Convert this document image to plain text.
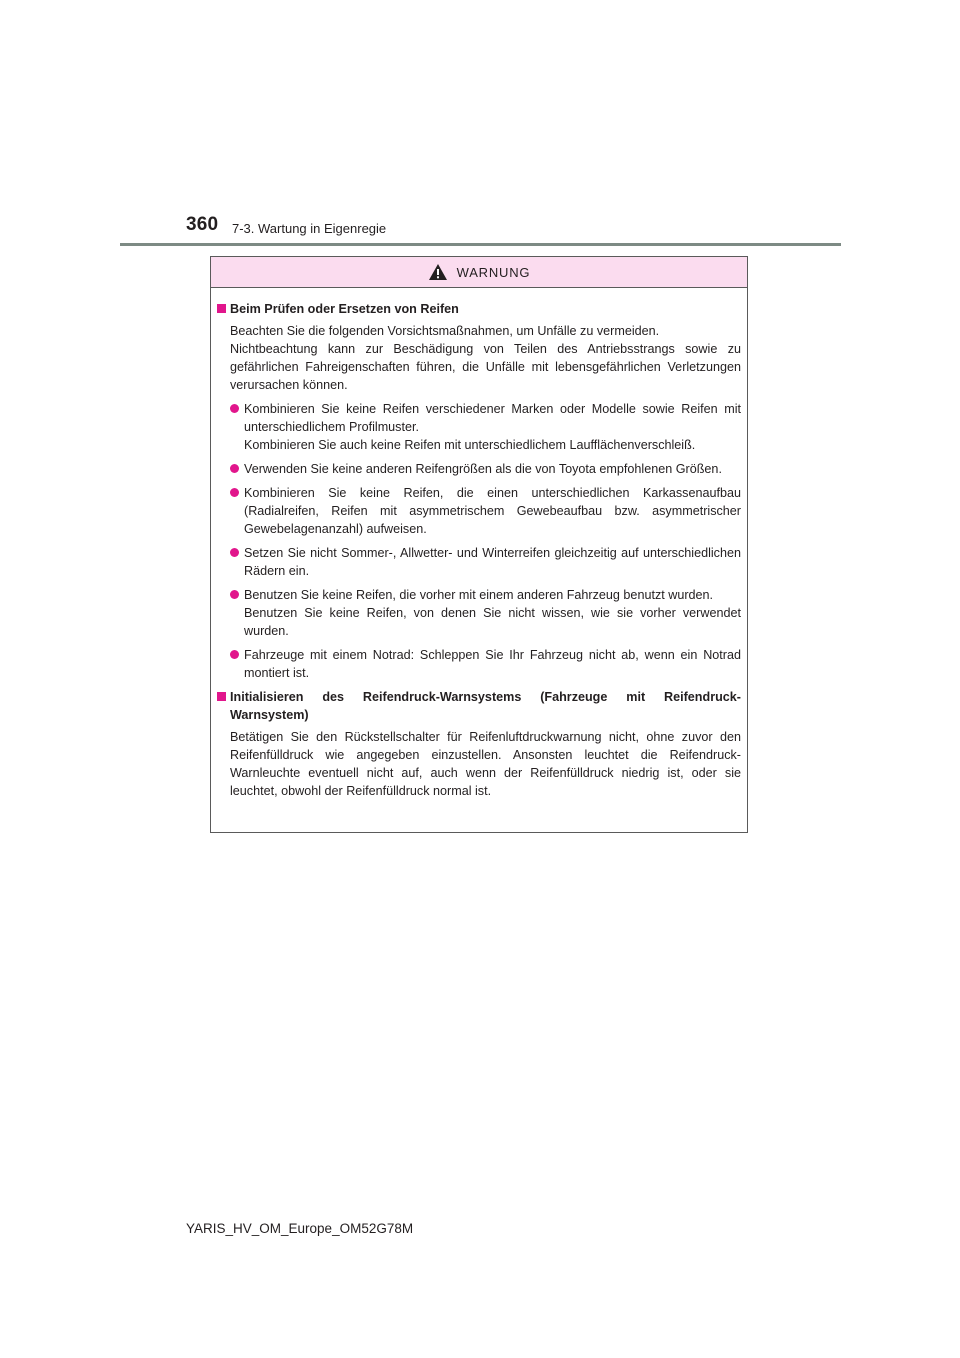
360 7-3. Wartung in Eigenregie
WARNUNG
Beim Prüfen oder Ersetzen von Reifen
Beachten Sie die folgenden Vorsichtsmaßnahmen, um Unfälle zu vermeiden.
Nichtbeachtung kann zur Beschädigung von Teilen des Antriebsstrangs sowie zu gefährlichen Fahreigenschaften führen, die Unfälle mit lebensgefährlichen Verletzungen verursachen können.
Kombinieren Sie keine Reifen verschiedener Marken oder Modelle sowie Reifen mit unterschiedlichem Profilmuster.
Kombinieren Sie auch keine Reifen mit unterschiedlichem Laufflächenverschleiß.
Verwenden Sie keine anderen Reifengrößen als die von Toyota empfohlenen Größen.
Kombinieren Sie keine Reifen, die einen unterschiedlichen Karkassenaufbau (Radialreifen, Reifen mit asymmetrischem Gewebeaufbau bzw. asymmetrischer Gewebelagenanzahl) aufweisen.
Setzen Sie nicht Sommer-, Allwetter- und Winterreifen gleichzeitig auf unterschiedlichen Rädern ein.
Benutzen Sie keine Reifen, die vorher mit einem anderen Fahrzeug benutzt wurden.
Benutzen Sie keine Reifen, von denen Sie nicht wissen, wie sie vorher verwendet wurden.
Fahrzeuge mit einem Notrad: Schleppen Sie Ihr Fahrzeug nicht ab, wenn ein Notrad montiert ist.
Initialisieren des Reifendruck-Warnsystems (Fahrzeuge mit Reifendruck-Warnsystem)
Betätigen Sie den Rückstellschalter für Reifenluftdruckwarnung nicht, ohne zuvor den Reifenfülldruck wie angegeben einzustellen. Ansonsten leuchtet die Reifendruck-Warnleuchte eventuell nicht auf, auch wenn der Reifenfülldruck niedrig ist, oder sie leuchtet, obwohl der Reifenfülldruck normal ist.
YARIS_HV_OM_Europe_OM52G78M
